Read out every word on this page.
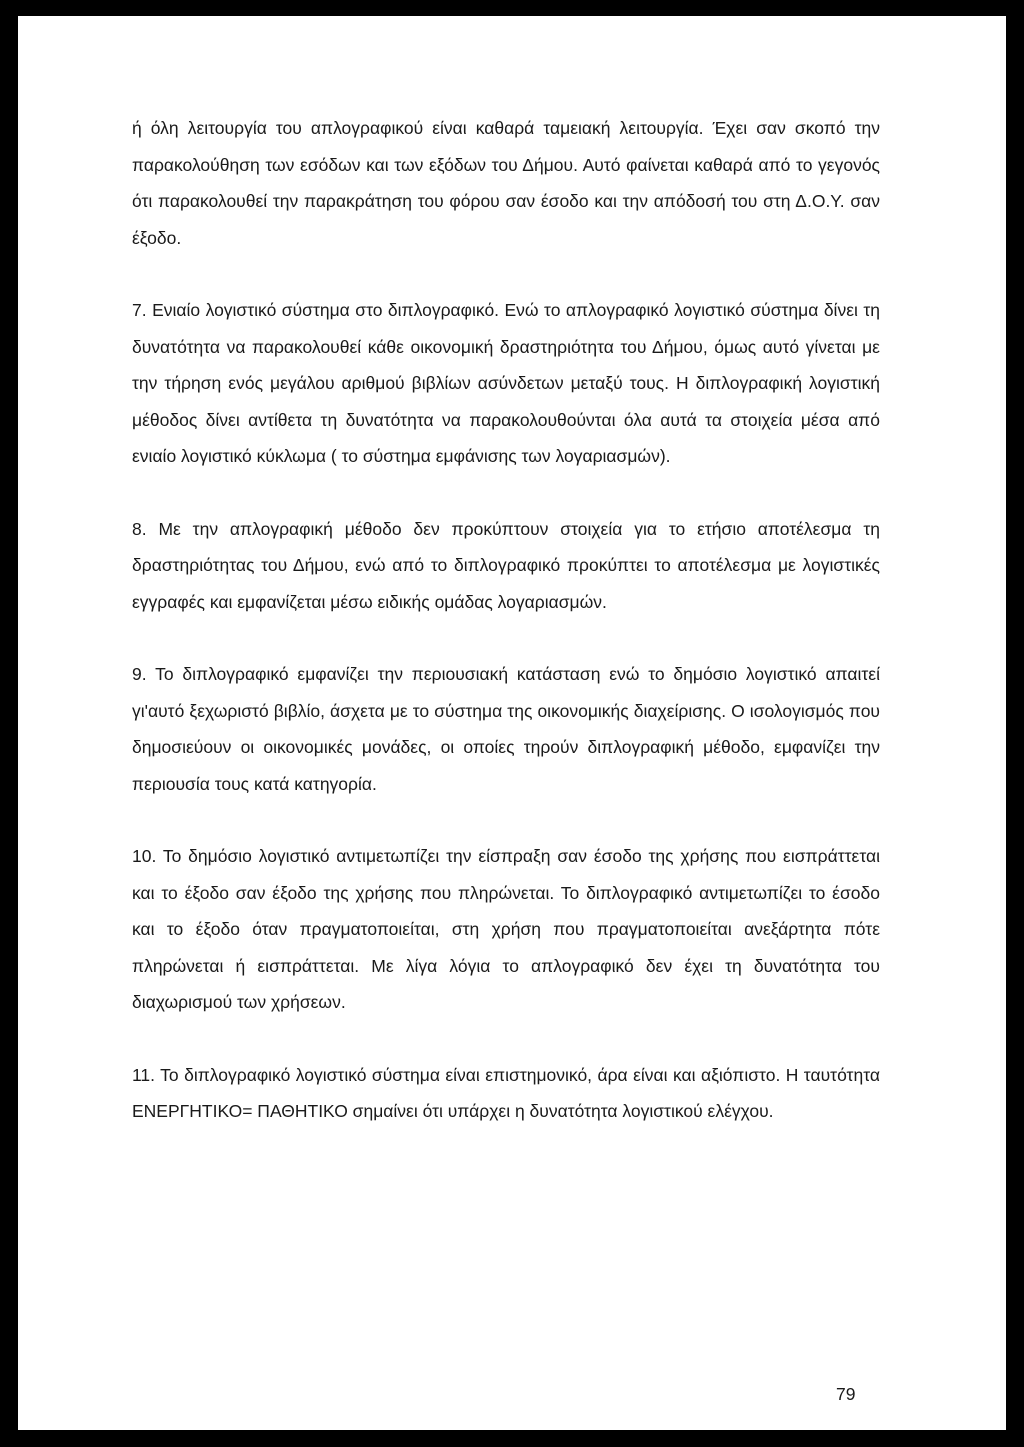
ή όλη λειτουργία του απλογραφικού είναι καθαρά ταμειακή λειτουργία. Έχει σαν σκοπό την παρακολούθηση των εσόδων και των εξόδων του Δήμου. Αυτό φαίνεται καθαρά από το γεγονός ότι παρακολουθεί την παρακράτηση του φόρου σαν έσοδο και την απόδοσή του στη Δ.Ο.Υ. σαν έξοδο.

7. Ενιαίο λογιστικό σύστημα στο διπλογραφικό. Ενώ το απλογραφικό λογιστικό σύστημα δίνει τη δυνατότητα να παρακολουθεί κάθε οικονομική δραστηριότητα του Δήμου, όμως αυτό γίνεται με την τήρηση ενός μεγάλου αριθμού βιβλίων ασύνδετων μεταξύ τους. Η διπλογραφική λογιστική μέθοδος δίνει αντίθετα τη δυνατότητα να παρακολουθούνται όλα αυτά τα στοιχεία μέσα από ενιαίο λογιστικό κύκλωμα ( το σύστημα εμφάνισης των λογαριασμών).

8. Με την απλογραφική μέθοδο δεν προκύπτουν στοιχεία για το ετήσιο αποτέλεσμα τη δραστηριότητας του Δήμου, ενώ από το διπλογραφικό προκύπτει το αποτέλεσμα με λογιστικές εγγραφές και εμφανίζεται μέσω ειδικής ομάδας λογαριασμών.

9. Το διπλογραφικό εμφανίζει την περιουσιακή κατάσταση ενώ το δημόσιο λογιστικό απαιτεί γι'αυτό ξεχωριστό βιβλίο, άσχετα με το σύστημα της οικονομικής διαχείρισης. Ο ισολογισμός που δημοσιεύουν οι οικονομικές μονάδες, οι οποίες τηρούν διπλογραφική μέθοδο, εμφανίζει την περιουσία τους κατά κατηγορία.

10. Το δημόσιο λογιστικό αντιμετωπίζει την είσπραξη σαν έσοδο της χρήσης που εισπράττεται και το έξοδο σαν έξοδο της χρήσης που πληρώνεται. Το διπλογραφικό αντιμετωπίζει το έσοδο και το έξοδο όταν πραγματοποιείται, στη χρήση που πραγματοποιείται ανεξάρτητα πότε πληρώνεται ή εισπράττεται. Με λίγα λόγια το απλογραφικό δεν έχει τη δυνατότητα του διαχωρισμού των χρήσεων.

11. Το διπλογραφικό λογιστικό σύστημα είναι επιστημονικό, άρα είναι και αξιόπιστο. Η ταυτότητα ΕΝΕΡΓΗΤΙΚΟ= ΠΑΘΗΤΙΚΟ σημαίνει ότι υπάρχει η δυνατότητα λογιστικού ελέγχου.

79
